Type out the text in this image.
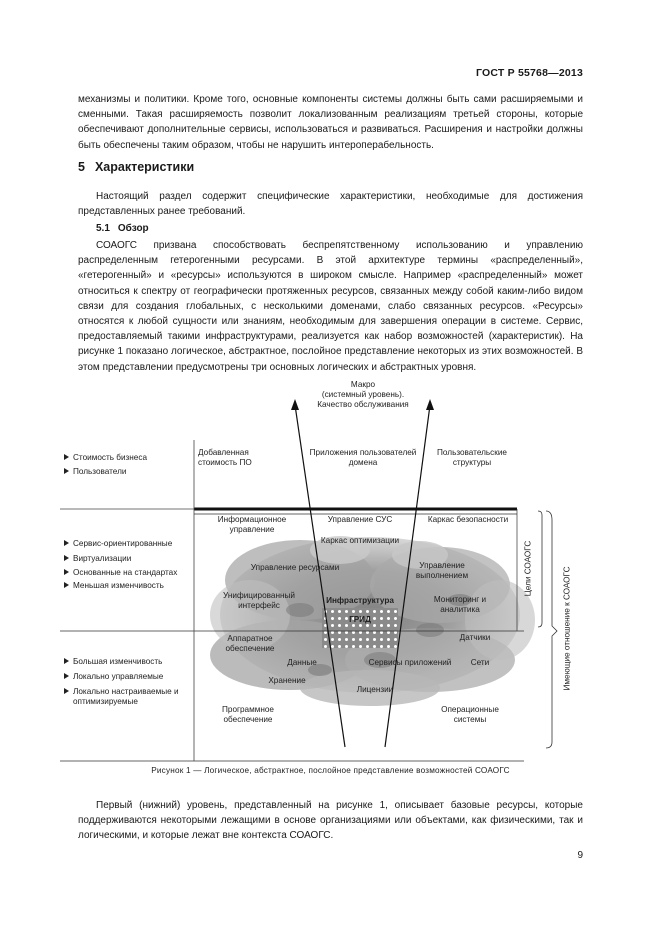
ГОСТ Р 55768—2013

механизмы и политики. Кроме того, основные компоненты системы должны быть сами расширяемыми и сменными. Такая расширяемость позволит локализованным реализациям третьей стороны, которые обеспечивают дополнительные сервисы, использоваться и развиваться. Расширения и настройки должны быть обеспечены таким образом, чтобы не нарушить интероперабельность.

5 Характеристики

Настоящий раздел содержит специфические характеристики, необходимые для достижения представленных ранее требований.

5.1 Обзор

СОАОГС призвана способствовать беспрепятственному использованию и управлению распределенным гетерогенными ресурсами. В этой архитектуре термины «распределенный», «гетерогенный» и «ресурсы» используются в широком смысле. Например «распределенный» может относиться к спектру от географически протяженных ресурсов, связанных между собой каким-либо видом связи для создания глобальных, с несколькими доменами, слабо связанных ресурсов. «Ресурсы» относятся к любой сущности или знаниям, необходимым для завершения операции в системе. Сервис, предоставляемый такими инфраструктурами, реализуется как набор возможностей (характеристик). На рисунке 1 показано логическое, абстрактное, послойное представление некоторых из этих возможностей. В этом представлении предусмотрены три основных логических и абстрактных уровня.

Макро
(системный уровень).
Качество обслуживания
Добавленная стоимость ПО
Приложения пользователей домена
Пользовательские структуры
Информационное управление
Управление СУС	Каркас безопасности
Каркас оптимизации
Управление ресурсами	Управление выполнением
Унифицированный интерфейс
Инфраструктура
ГРИД
Мониторинг и аналитика
Аппаратное обеспечение
Датчики
Данные	Сервисы приложений	Сети
Хранение
Лицензии
Программное обеспечение
Операционные системы
Стоимость бизнеса
Пользователи
Сервис-ориентированные
Виртуализации
Основанные на стандартах
Меньшая изменчивость
Большая изменчивость
Локально управляемые
Локально настраиваемые и оптимизируемые
Цели СОАОГС	Имеющие отношение к СОАОГС
Рисунок 1 — Логическое, абстрактное, послойное представление возможностей СОАОГС

Первый (нижний) уровень, представленный на рисунке 1, описывает базовые ресурсы, которые поддерживаются некоторыми лежащими в основе организациями или объектами, как физическими, так и логическими, и которые лежат вне контекста СОАОГС.

9
